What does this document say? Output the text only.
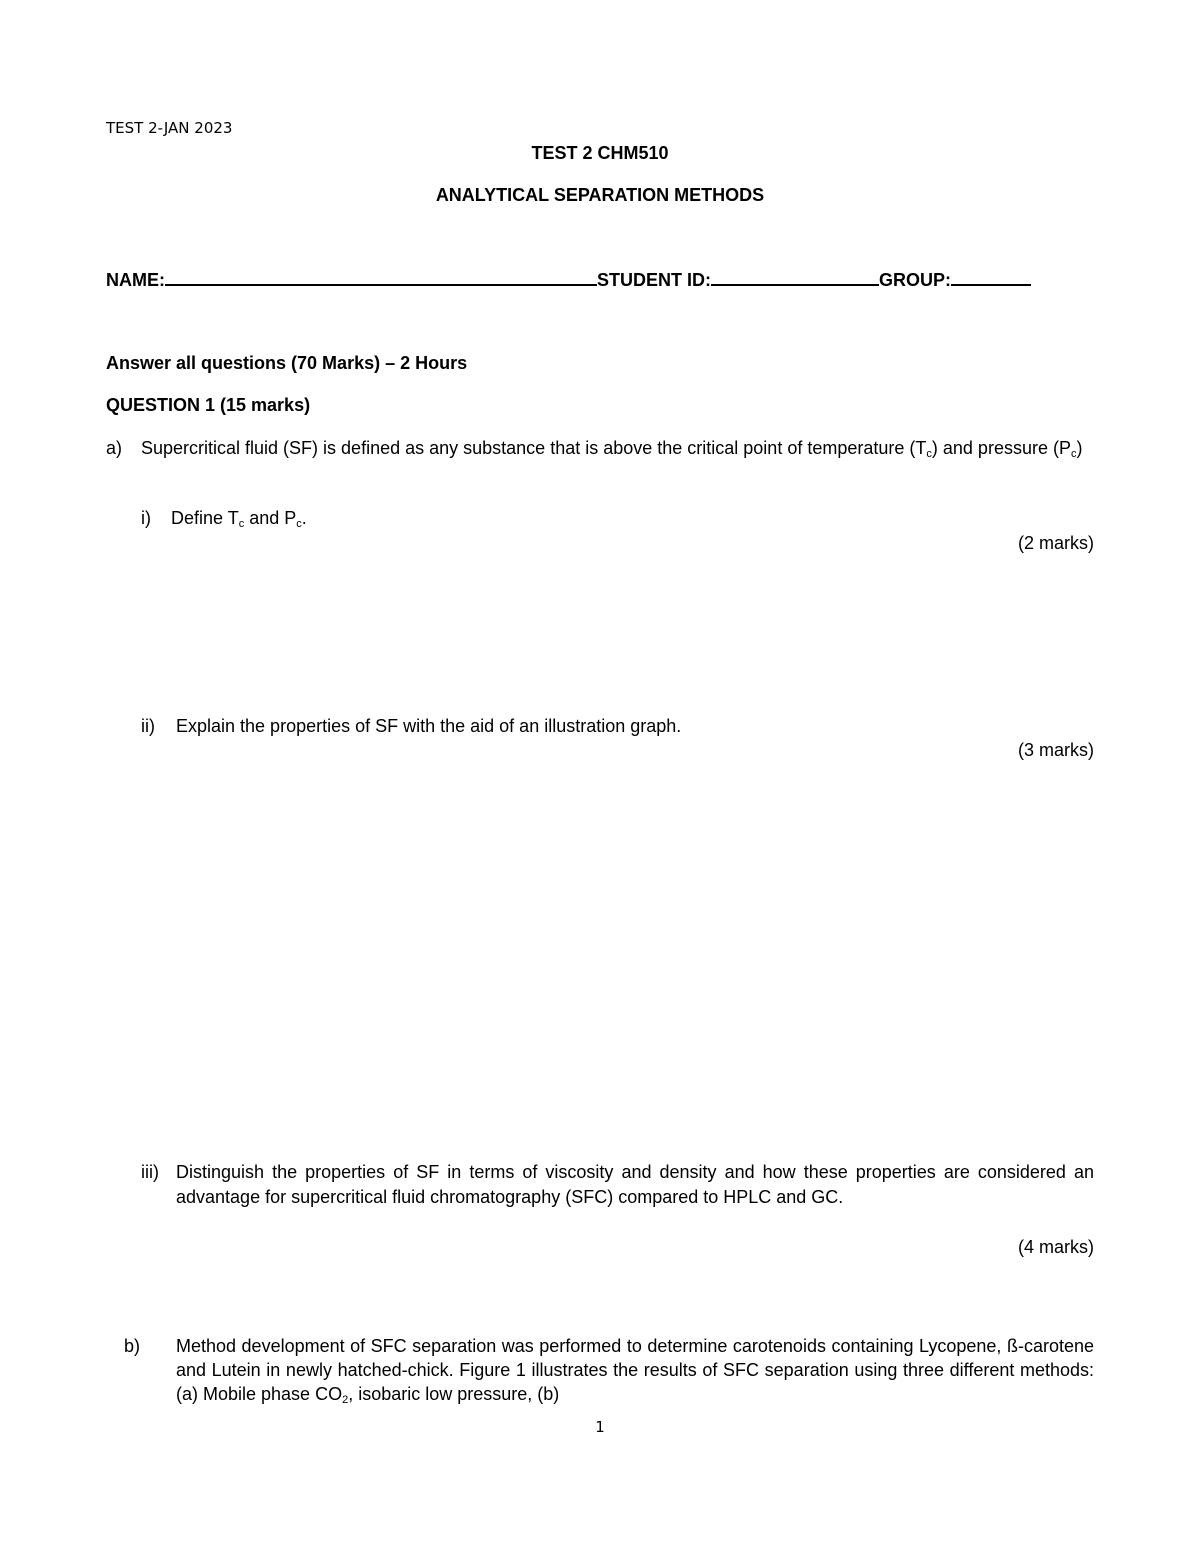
TEST 2-JAN 2023
TEST 2 CHM510
ANALYTICAL SEPARATION METHODS
NAME:	STUDENT ID:	GROUP:
Answer all questions (70 Marks) – 2 Hours
QUESTION 1 (15 marks)
a) Supercritical fluid (SF) is defined as any substance that is above the critical point of temperature $(T_c)$ and pressure $(P_c)$
i) Define $T_c$ and $P_c$.
(2 marks)
ii) Explain the properties of SF with the aid of an illustration graph.
(3 marks)
iii) Distinguish the properties of SF in terms of viscosity and density and how these properties are considered an advantage for supercritical fluid chromatography (SFC) compared to HPLC and GC.
(4 marks)
b) Method development of SFC separation was performed to determine carotenoids containing Lycopene, ß-carotene and Lutein in newly hatched-chick. Figure 1 illustrates the results of SFC separation using three different methods: (a) Mobile phase $CO_2$, isobaric low pressure, (b)
1
